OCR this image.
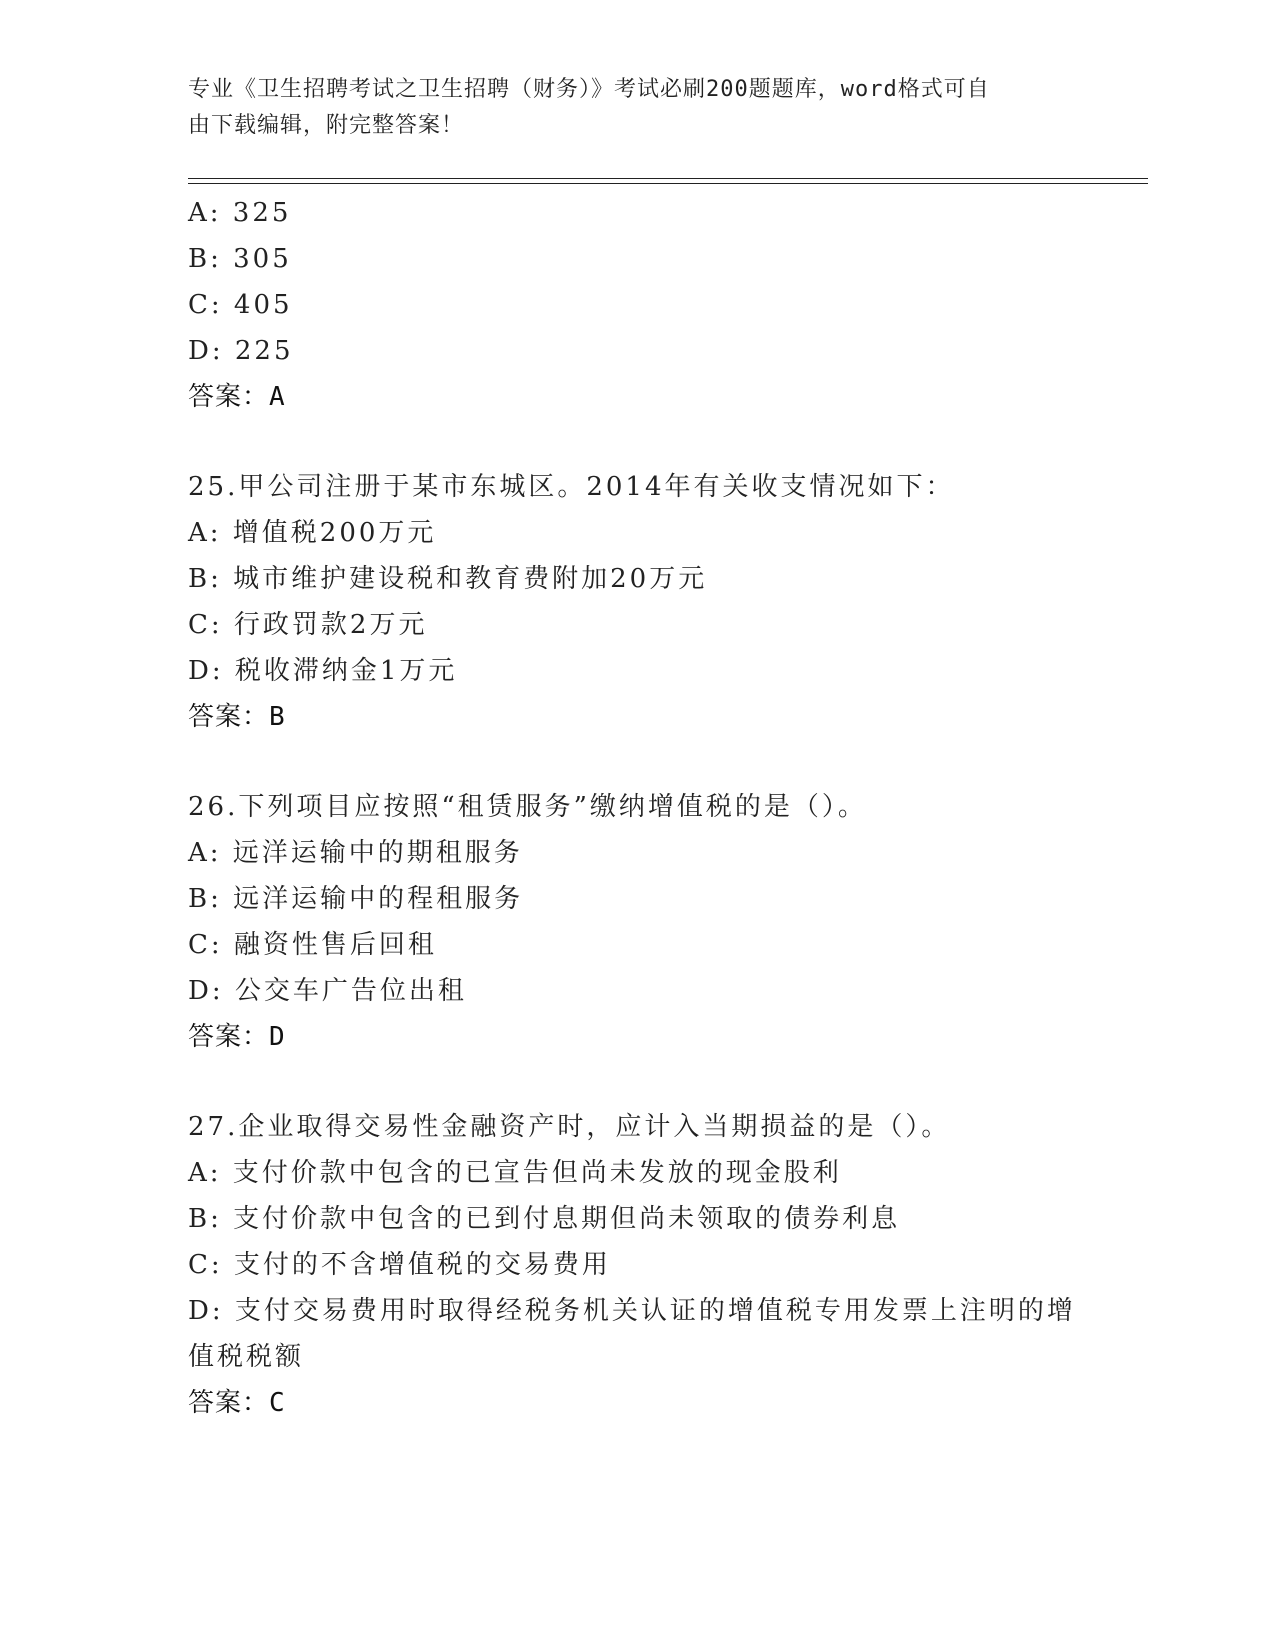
专业《卫生招聘考试之卫生招聘（财务）》考试必刷200题题库，word格式可自
由下载编辑，附完整答案！

A: 325

B: 305

C: 405

D: 225

答案：A

25.甲公司注册于某市东城区。2014年有关收支情况如下：

A: 增值税200万元

B: 城市维护建设税和教育费附加20万元

C: 行政罚款2万元

D: 税收滞纳金1万元

答案：B

26.下列项目应按照“租赁服务”缴纳增值税的是（）。

A: 远洋运输中的期租服务

B: 远洋运输中的程租服务

C: 融资性售后回租

D: 公交车广告位出租

答案：D

27.企业取得交易性金融资产时，应计入当期损益的是（）。

A: 支付价款中包含的已宣告但尚未发放的现金股利

B: 支付价款中包含的已到付息期但尚未领取的债券利息

C: 支付的不含增值税的交易费用

D: 支付交易费用时取得经税务机关认证的增值税专用发票上注明的增值税税额

答案：C
